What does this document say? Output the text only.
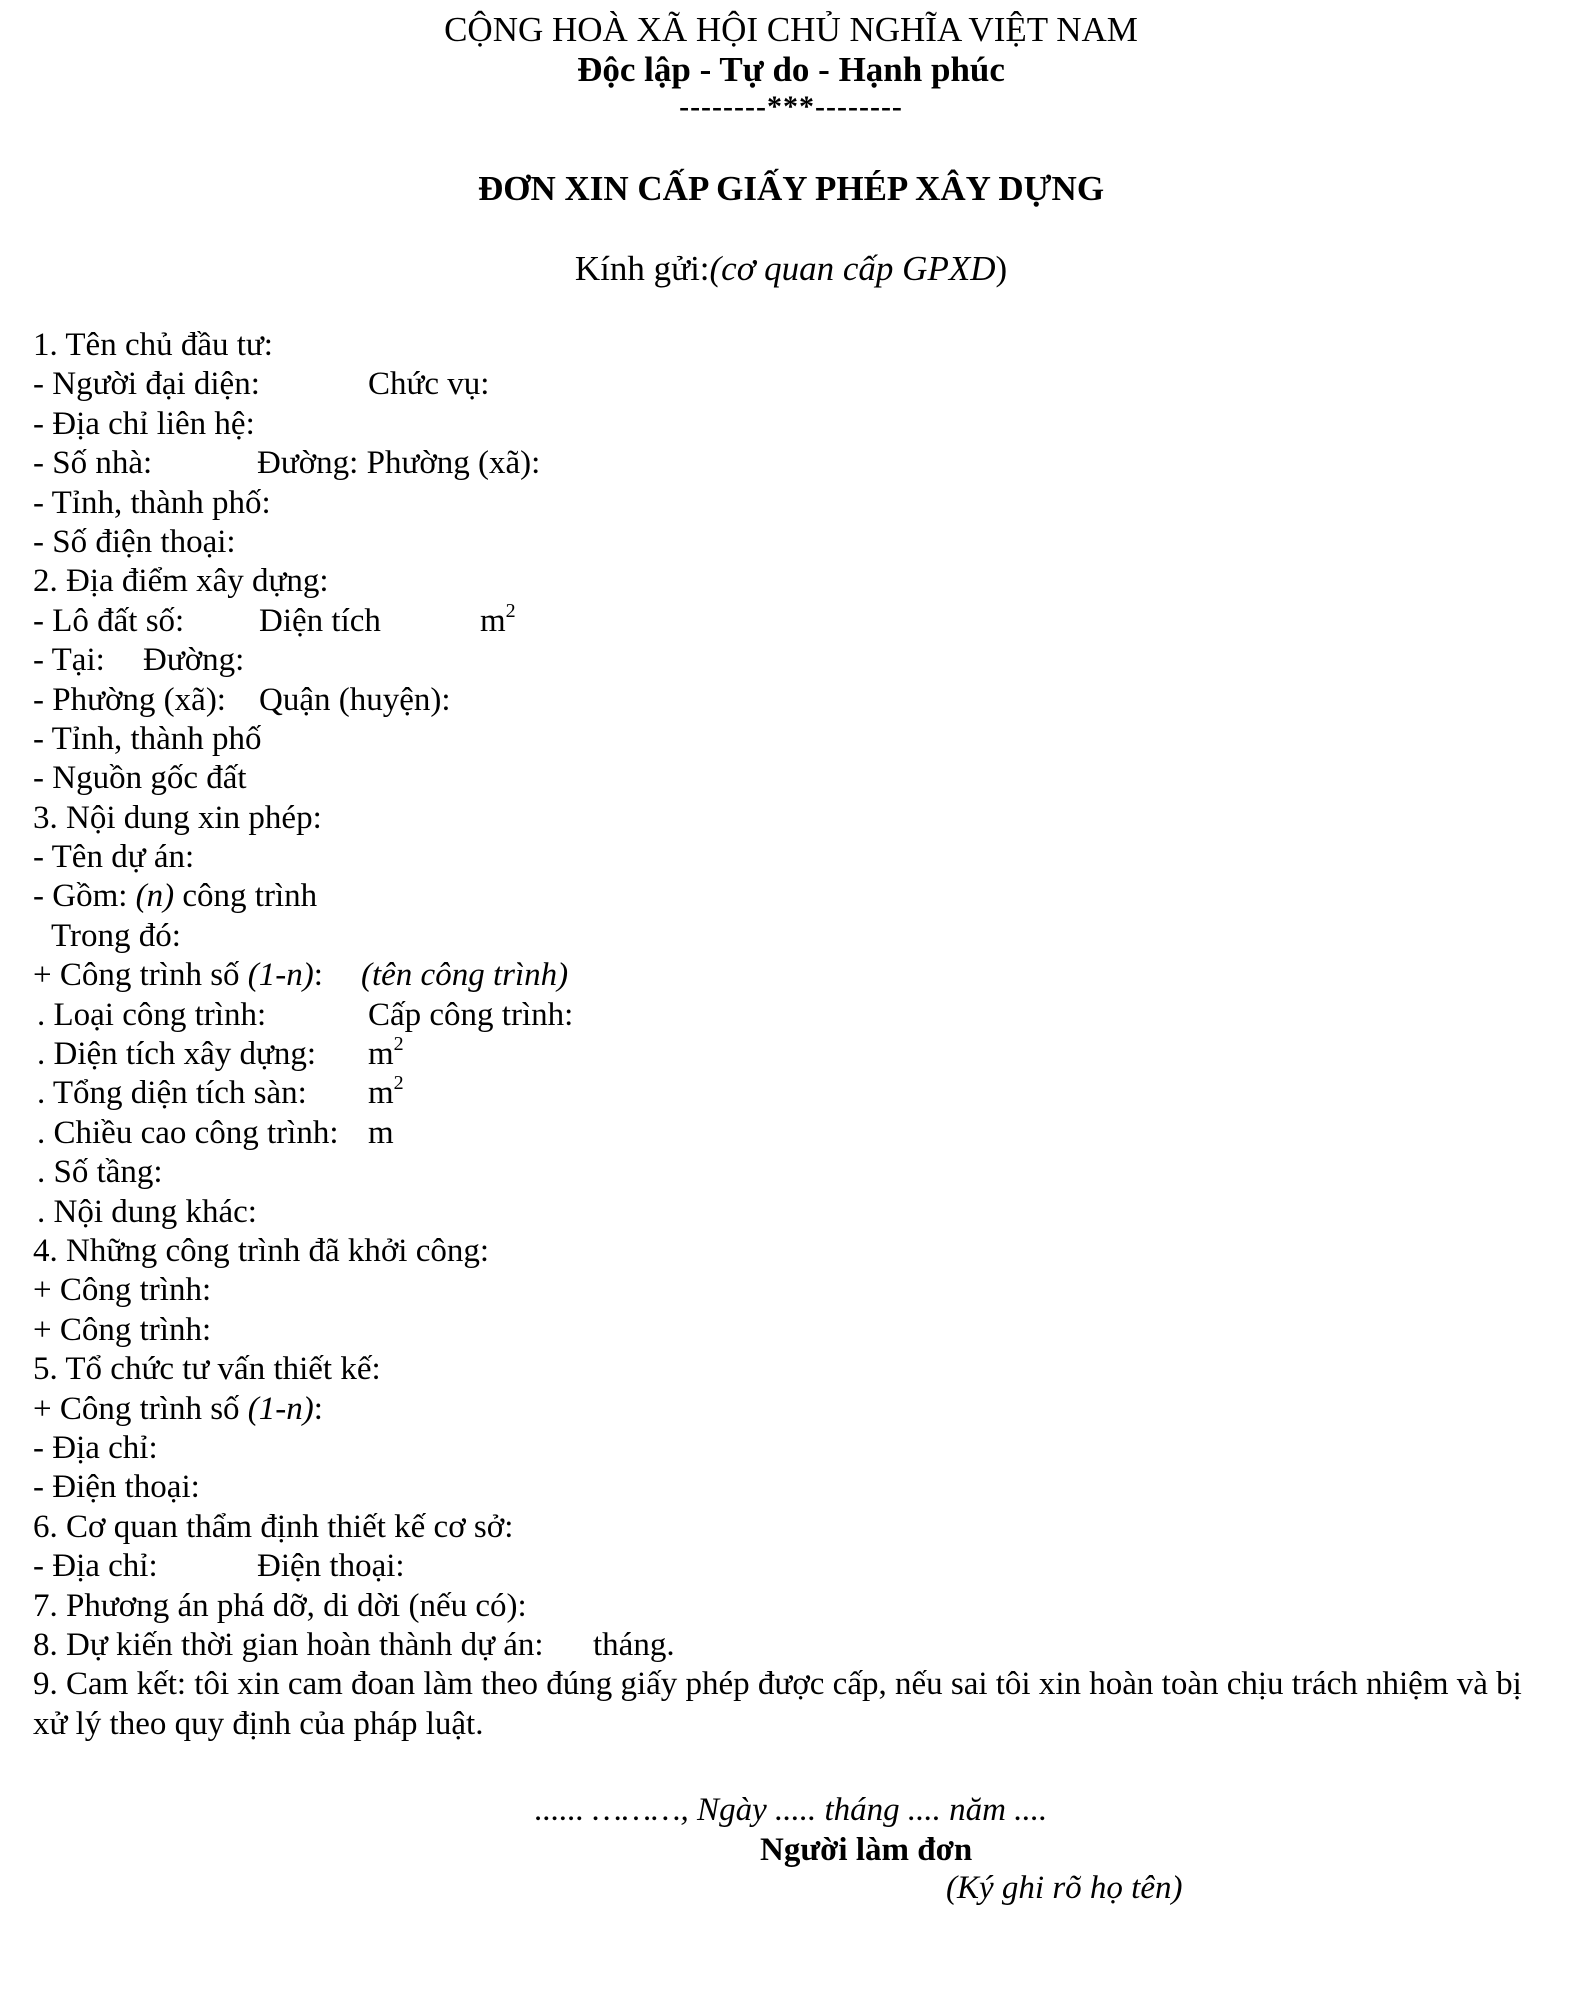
CỘNG HOÀ XÃ HỘI CHỦ NGHĨA VIỆT NAM
Độc lập - Tự do - Hạnh phúc
--------***--------
ĐƠN XIN CẤP GIẤY PHÉP XÂY DỰNG
Kính gửi:(cơ quan cấp GPXD)
1. Tên chủ đầu tư:
- Người đại diện:	Chức vụ:
- Địa chỉ liên hệ:
- Số nhà:	Đường: Phường (xã):
- Tỉnh, thành phố:
- Số điện thoại:
2. Địa điểm xây dựng:
- Lô đất số: Diện tích	$m^2$
- Tại: Đường:
- Phường (xã): Quận (huyện):
- Tỉnh, thành phố
- Nguồn gốc đất
3. Nội dung xin phép:
- Tên dự án:
- Gồm: (n) công trình
Trong đó:
+ Công trình số (1-n): (tên công trình)
. Loại công trình:	Cấp công trình:
. Diện tích xây dựng: $m^2$
. Tổng diện tích sàn: $m^2$
. Chiều cao công trình: m
. Số tầng:
. Nội dung khác:
4. Những công trình đã khởi công:
+ Công trình:
+ Công trình:
5. Tổ chức tư vấn thiết kế:
+ Công trình số (1-n):
- Địa chỉ:
- Điện thoại:
6. Cơ quan thẩm định thiết kế cơ sở:
- Địa chỉ:	Điện thoại:
7. Phương án phá dỡ, di dời (nếu có):
8. Dự kiến thời gian hoàn thành dự án: tháng.
9. Cam kết: tôi xin cam đoan làm theo đúng giấy phép được cấp, nếu sai tôi xin hoàn toàn chịu trách nhiệm và bị xử lý theo quy định của pháp luật.
...... ………, Ngày ..... tháng .... năm ....
Người làm đơn
(Ký ghi rõ họ tên)
